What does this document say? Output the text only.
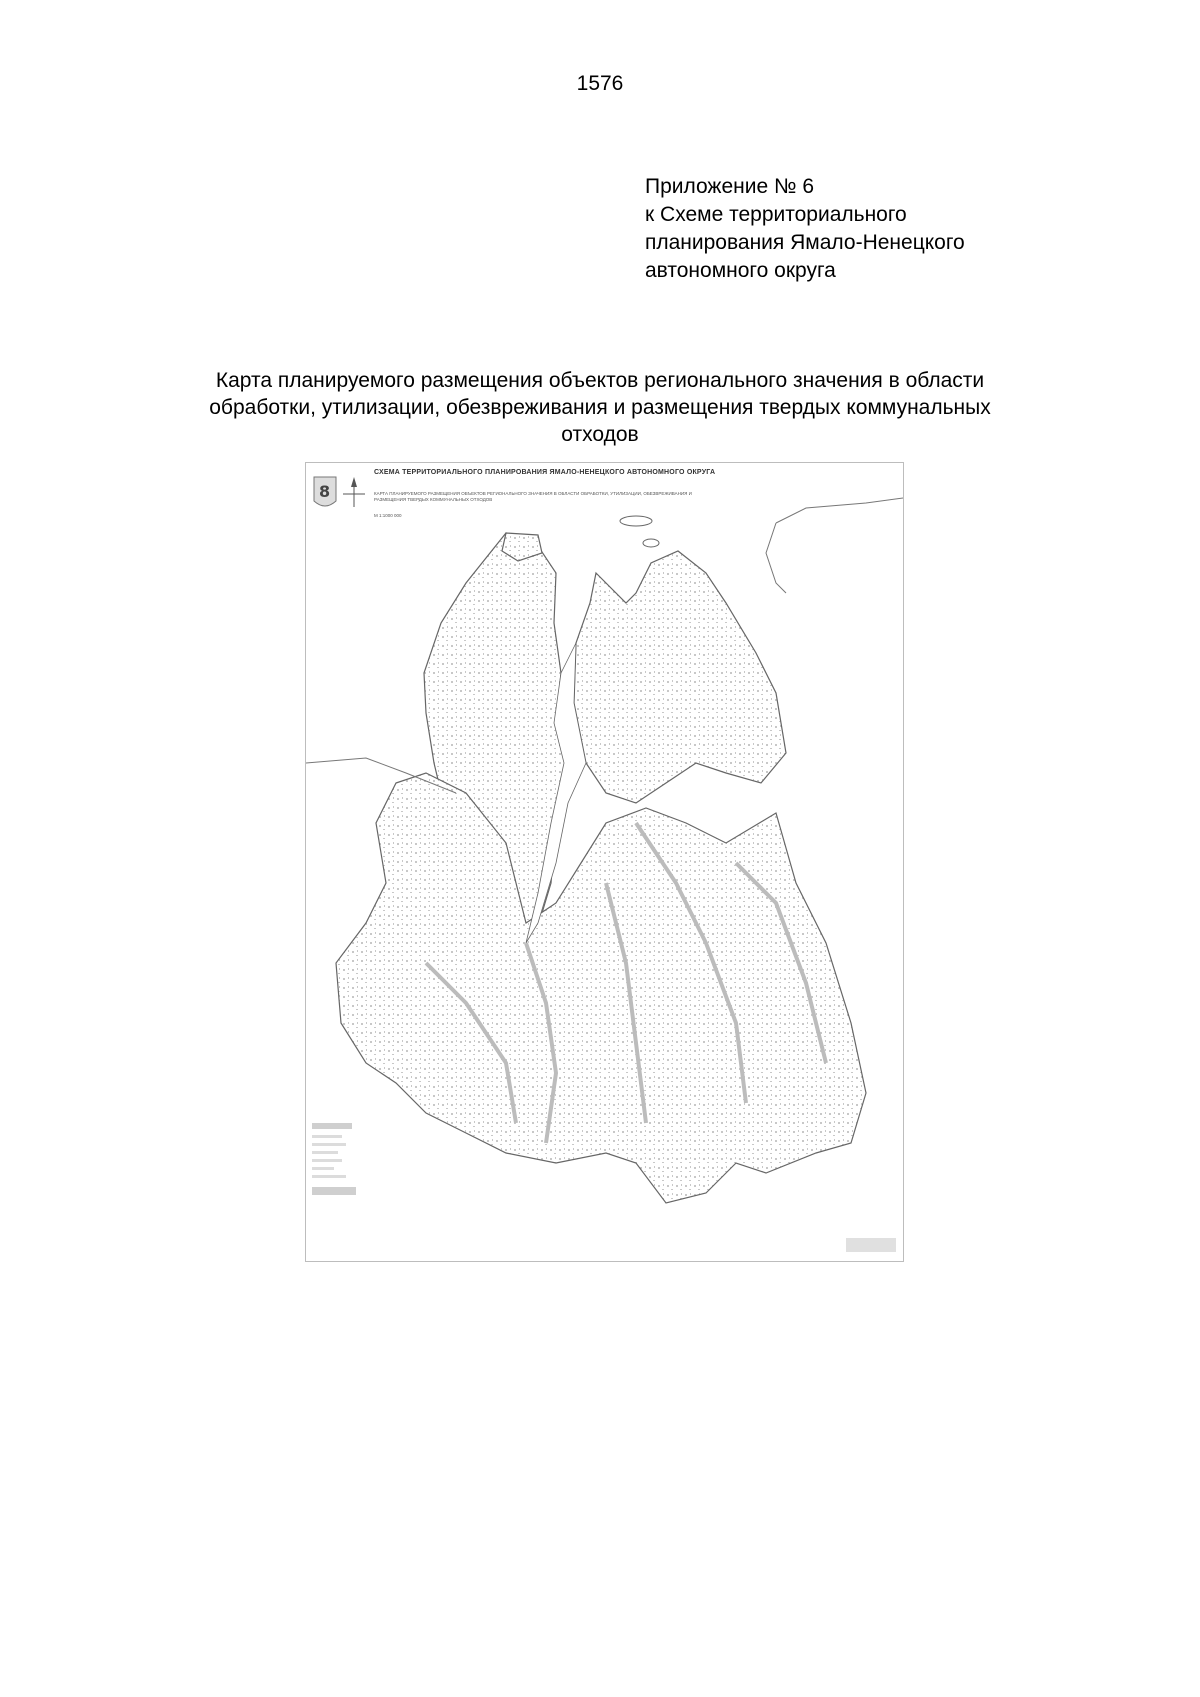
1576
Приложение № 6
к Схеме территориального
планирования Ямало-Ненецкого
автономного округа
Карта планируемого размещения объектов регионального значения в области
обработки, утилизации, обезвреживания и размещения твердых коммунальных
отходов
8
СХЕМА ТЕРРИТОРИАЛЬНОГО ПЛАНИРОВАНИЯ ЯМАЛО-НЕНЕЦКОГО АВТОНОМНОГО ОКРУГА
КАРТА ПЛАНИРУЕМОГО РАЗМЕЩЕНИЯ ОБЪЕКТОВ РЕГИОНАЛЬНОГО ЗНАЧЕНИЯ В ОБЛАСТИ ОБРАБОТКИ, УТИЛИЗАЦИИ, ОБЕЗВРЕЖИВАНИЯ И РАЗМЕЩЕНИЯ ТВЕРДЫХ КОММУНАЛЬНЫХ ОТХОДОВ
М 1:1000 000
